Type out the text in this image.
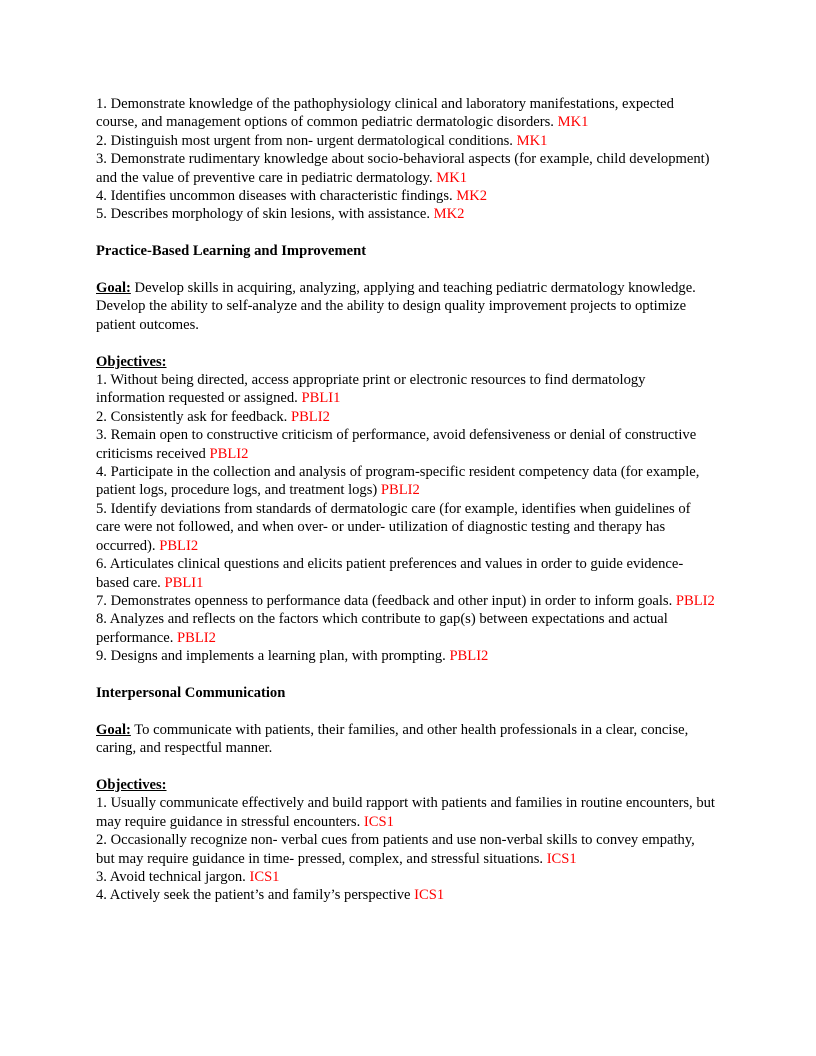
1. Demonstrate knowledge of the pathophysiology clinical and laboratory manifestations, expected course, and management options of common pediatric dermatologic disorders. MK1

2. Distinguish most urgent from non- urgent dermatological conditions. MK1

3. Demonstrate rudimentary knowledge about socio-behavioral aspects (for example, child development) and the value of preventive care in pediatric dermatology. MK1

4. Identifies uncommon diseases with characteristic findings. MK2

5. Describes morphology of skin lesions, with assistance. MK2

Practice-Based Learning and Improvement

Goal: Develop skills in acquiring, analyzing, applying and teaching pediatric dermatology knowledge. Develop the ability to self-analyze and the ability to design quality improvement projects to optimize patient outcomes.

Objectives:

1. Without being directed, access appropriate print or electronic resources to find dermatology information requested or assigned. PBLI1

2. Consistently ask for feedback. PBLI2

3. Remain open to constructive criticism of performance, avoid defensiveness or denial of constructive criticisms received PBLI2

4. Participate in the collection and analysis of program-specific resident competency data (for example, patient logs, procedure logs, and treatment logs) PBLI2

5. Identify deviations from standards of dermatologic care (for example, identifies when guidelines of care were not followed, and when over- or under- utilization of diagnostic testing and therapy has occurred). PBLI2

6. Articulates clinical questions and elicits patient preferences and values in order to guide evidence-based care. PBLI1

7. Demonstrates openness to performance data (feedback and other input) in order to inform goals. PBLI2

8. Analyzes and reflects on the factors which contribute to gap(s) between expectations and actual performance. PBLI2

9. Designs and implements a learning plan, with prompting. PBLI2

Interpersonal Communication

Goal: To communicate with patients, their families, and other health professionals in a clear, concise, caring, and respectful manner.

Objectives:

1. Usually communicate effectively and build rapport with patients and families in routine encounters, but may require guidance in stressful encounters. ICS1

2. Occasionally recognize non- verbal cues from patients and use non-verbal skills to convey empathy, but may require guidance in time- pressed, complex, and stressful situations. ICS1

3. Avoid technical jargon. ICS1

4. Actively seek the patient’s and family’s perspective ICS1
